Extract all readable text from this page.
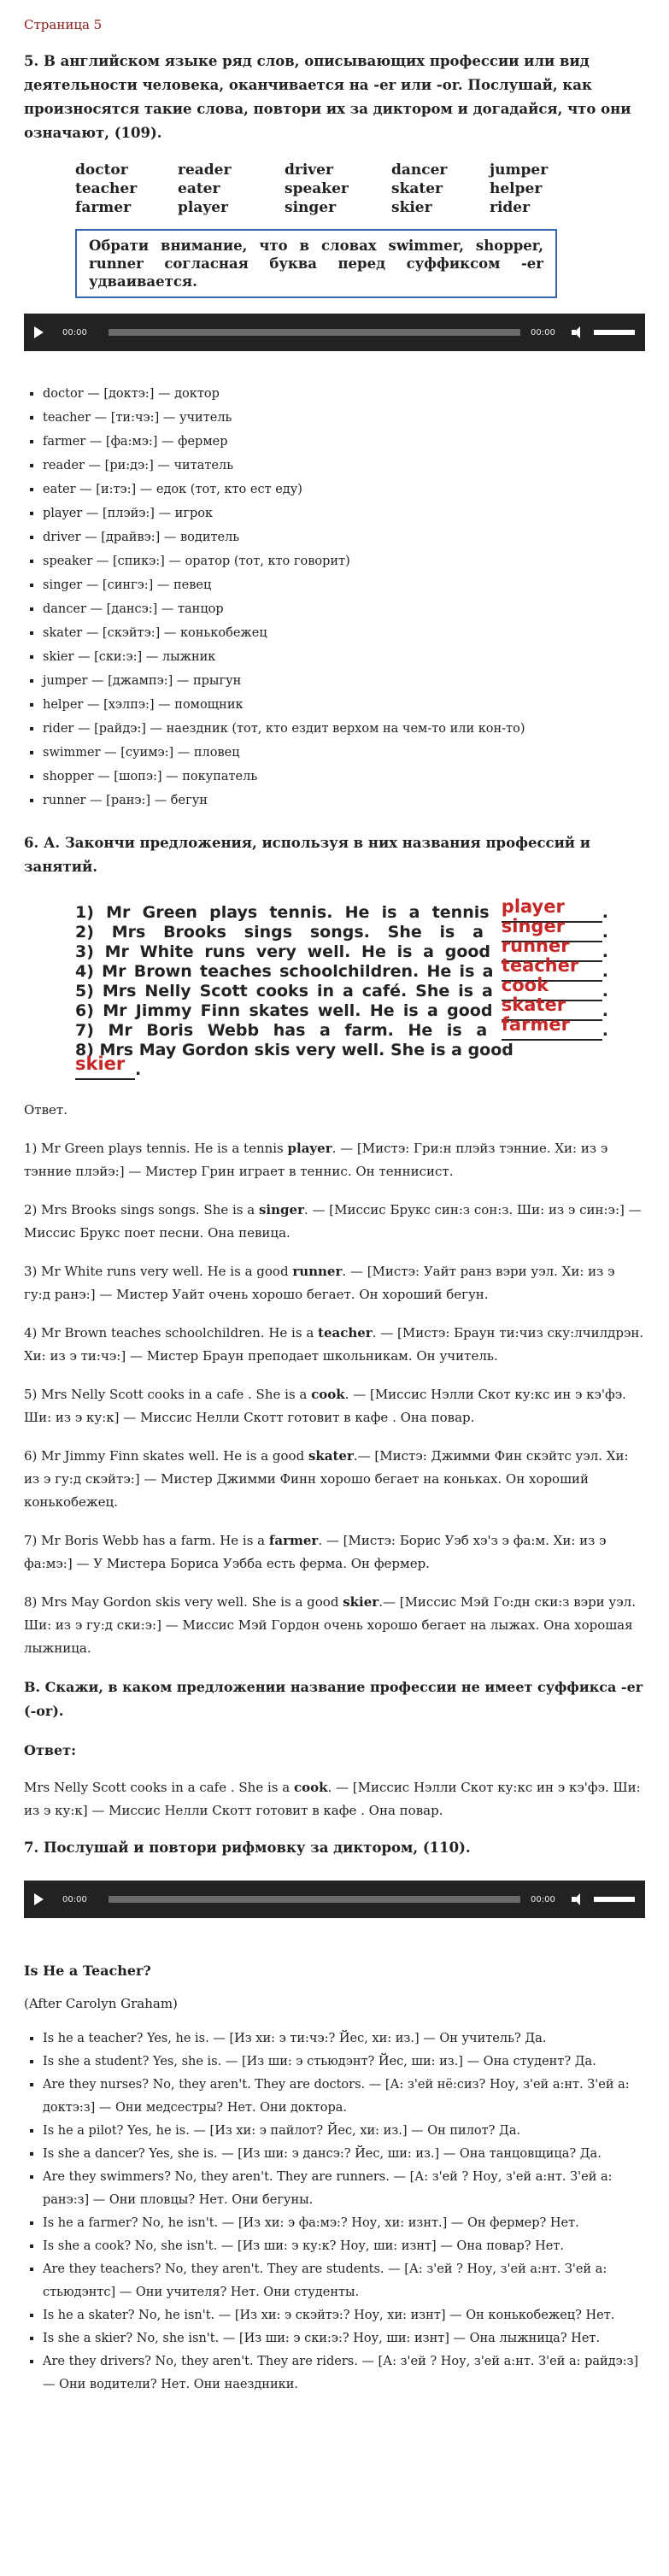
Страница 5
5. В английском языке ряд слов, описывающих профессии или вид деятельности человека, оканчивается на -er или -or. Послушай, как произносятся такие слова, повтори их за диктором и догадайся, что они означают, (109).
doctor	reader	driver	dancer	jumper
teacher	eater	speaker	skater	helper
farmer	player	singer	skier	rider
Обрати внимание, что в словах swimmer, shopper, runner согласная буква перед суффиксом -er удваивается.
00:00	00:00
▪ doctor — [доктэ:] — доктор
▪ teacher — [ти:чэ:] — учитель
▪ farmer — [фа:мэ:] — фермер
▪ reader — [ри:дэ:] — читатель
▪ eater — [и:тэ:] — едок (тот, кто ест еду)
▪ player — [плэйэ:] — игрок
▪ driver — [драйвэ:] — водитель
▪ speaker — [спикэ:] — оратор (тот, кто говорит)
▪ singer — [сингэ:] — певец
▪ dancer — [дансэ:] — танцор
▪ skater — [скэйтэ:] — конькобежец
▪ skier — [ски:э:] — лыжник
▪ jumper — [джампэ:] — прыгун
▪ helper — [хэлпэ:] — помощник
▪ rider — [райдэ:] — наездник (тот, кто ездит верхом на чем-то или кон-то)
▪ swimmer — [суимэ:] — пловец
▪ shopper — [шопэ:] — покупатель
▪ runner — [ранэ:] — бегун
6. А. Закончи предложения, используя в них названия профессий и занятий.
1) Mr Green plays tennis. He is a tennis player .
2) Mrs Brooks sings songs. She is a singer .
3) Mr White runs very well. He is a good runner .
4) Mr Brown teaches schoolchildren. He is a teacher .
5) Mrs Nelly Scott cooks in a café. She is a cook	.
6) Mr Jimmy Finn skates well. He is a good skater .
7) Mr Boris Webb has a farm. He is a farmer .
8) Mrs May Gordon skis very well. She is a good
skier .

Ответ.

1) Mr Green plays tennis. He is a tennis player. — [Мистэ: Гри:н плэйз тэнние. Хи: из э тэнние плэйэ:] — Мистер Грин играет в теннис. Он теннисист.

2) Mrs Brooks sings songs. She is a singer. — [Миссис Брукс син:з сон:з. Ши: из э син:э:] — Миссис Брукс поет песни. Она певица.

3) Mr White runs very well. He is a good runner. — [Мистэ: Уайт ранз вэри уэл. Хи: из э гу:д ранэ:] — Мистер Уайт очень хорошо бегает. Он хороший бегун.

4) Mr Brown teaches schoolchildren. He is a teacher. — [Мистэ: Браун ти:чиз ску:лчилдрэн. Хи: из э ти:чэ:] — Мистер Браун преподает школьникам. Он учитель.

5) Mrs Nelly Scott cooks in a cafe . She is a cook. — [Миссис Нэлли Скот ку:кс ин э кэ'фэ. Ши: из э ку:к] — Миссис Нелли Скотт готовит в кафе . Она повар.

6) Mr Jimmy Finn skates well. He is a good skater.— [Мистэ: Джимми Фин скэйтс уэл. Хи: из э гу:д скэйтэ:] — Мистер Джимми Финн хорошо бегает на коньках. Он хороший конькобежец.

7) Mr Boris Webb has a farm. He is a farmer. — [Мистэ: Борис Уэб хэ'з э фа:м. Хи: из э фа:мэ:] — У Мистера Бориса Уэбба есть ферма. Он фермер.

8) Mrs May Gordon skis very well. She is a good skier.— [Миссис Мэй Го:дн ски:з вэри уэл. Ши: из э гу:д ски:э:] — Миссис Мэй Гордон очень хорошо бегает на лыжах. Она хорошая лыжница.

В. Скажи, в каком предложении название профессии не имеет суффикса -er (-or).
Ответ:

Mrs Nelly Scott cooks in a cafe . She is a cook. — [Миссис Нэлли Скот ку:кс ин э кэ'фэ. Ши: из э ку:к] — Миссис Нелли Скотт готовит в кафе . Она повар.

7. Послушай и повтори рифмовку за диктором, (110).
00:00	00:00
Is He a Teacher?

(After Carolyn Graham)

▪ Is he a teacher? Yes, he is. — [Из хи: э ти:чэ:? Йес, хи: из.] — Он учитель? Да.
▪ Is she a student? Yes, she is. — [Из ши: э стьюдэнт? Йес, ши: из.] — Она студент? Да.
▪ Are they nurses? No, they aren't. They are doctors. — [А: з'ей нё:сиз? Ноу, з'ей а:нт. З'ей а: доктэ:з] — Они медсестры? Нет. Они доктора.
▪ Is he a pilot? Yes, he is. — [Из хи: э пайлот? Йес, хи: из.] — Он пилот? Да.
▪ Is she a dancer? Yes, she is. — [Из ши: э дансэ:? Йес, ши: из.] — Она танцовщица? Да.
▪ Are they swimmers? No, they aren't. They are runners. — [А: з'ей ? Ноу, з'ей а:нт. З'ей а: ранэ:з] — Они пловцы? Нет. Они бегуны.
▪ Is he a farmer? No, he isn't. — [Из хи: э фа:мэ:? Ноу, хи: изнт.] — Он фермер? Нет.
▪ Is she a cook? No, she isn't. — [Из ши: э ку:к? Ноу, ши: изнт] — Она повар? Нет.
▪ Are they teachers? No, they aren't. They are students. — [А: з'ей ? Ноу, з'ей а:нт. З'ей а: стьюдэнтс] — Они учителя? Нет. Они студенты.
▪ Is he a skater? No, he isn't. — [Из хи: э скэйтэ:? Ноу, хи: изнт] — Он конькобежец? Нет.
▪ Is she a skier? No, she isn't. — [Из ши: э ски:э:? Ноу, ши: изнт] — Она лыжница? Нет.
▪ Are they drivers? No, they aren't. They are riders. — [А: з'ей ? Ноу, з'ей а:нт. З'ей а: райдэ:з] — Они водители? Нет. Они наездники.
